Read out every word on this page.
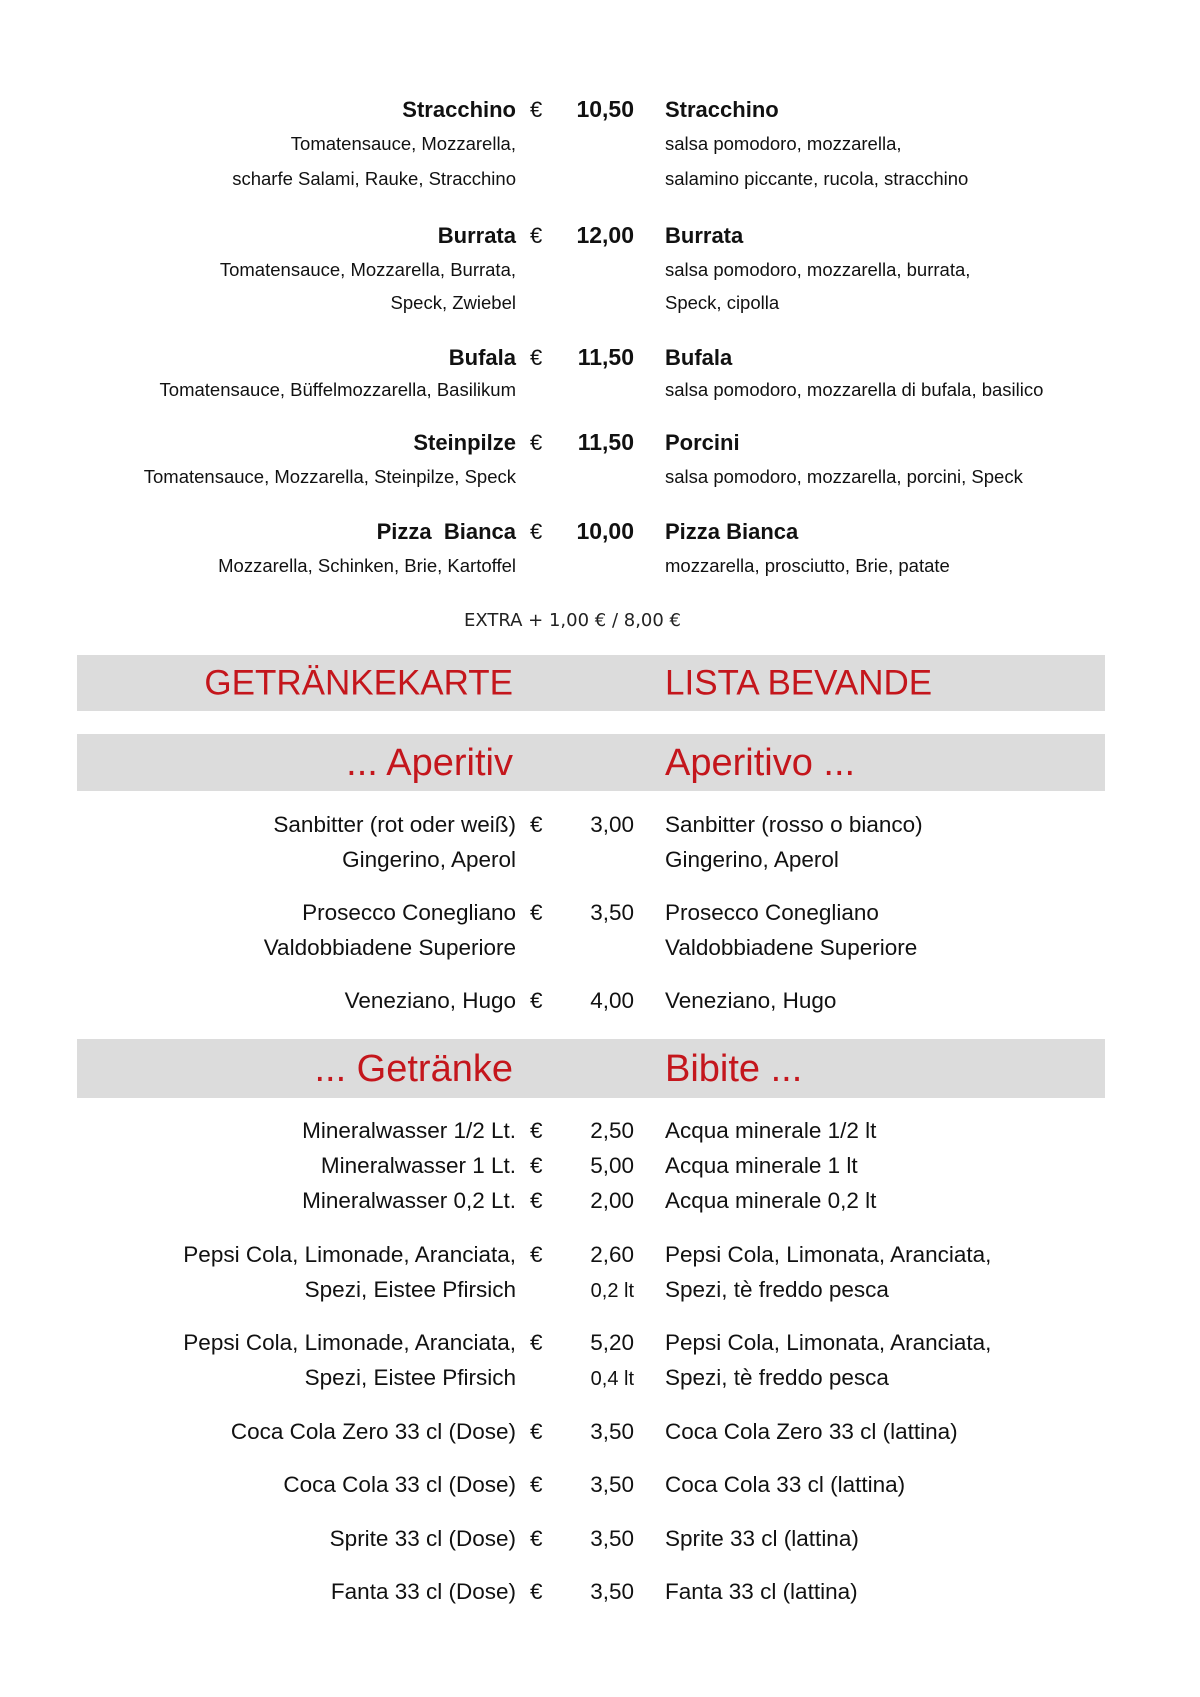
Stracchino € 10,50 Stracchino
Tomatensauce, Mozzarella,	salsa pomodoro, mozzarella,
scharfe Salami, Rauke, Stracchino	salamino piccante, rucola, stracchino
Burrata € 12,00 Burrata
Tomatensauce, Mozzarella, Burrata,	salsa pomodoro, mozzarella, burrata,
Speck, Zwiebel	Speck, cipolla
Bufala € 11,50 Bufala
Tomatensauce, Büffelmozzarella, Basilikum	salsa pomodoro, mozzarella di bufala, basilico
Steinpilze € 11,50 Porcini
Tomatensauce, Mozzarella, Steinpilze, Speck	salsa pomodoro, mozzarella, porcini, Speck
Pizza  Bianca € 10,00 Pizza Bianca
Mozzarella, Schinken, Brie, Kartoffel	mozzarella, prosciutto, Brie, patate
EXTRA + 1,00 € / 8,00 €
GETRÄNKEKARTE	LISTA BEVANDE
... Aperitiv	Aperitivo ...
Sanbitter (rot oder weiß) € 3,00 Sanbitter (rosso o bianco)
Gingerino, Aperol	Gingerino, Aperol
Prosecco Conegliano € 3,50 Prosecco Conegliano
Valdobbiadene Superiore	Valdobbiadene Superiore
Veneziano, Hugo € 4,00 Veneziano, Hugo
... Getränke	Bibite ...
Mineralwasser 1/2 Lt. € 2,50 Acqua minerale 1/2 lt
Mineralwasser 1 Lt. € 5,00 Acqua minerale 1 lt
Mineralwasser 0,2 Lt. € 2,00 Acqua minerale 0,2 lt
Pepsi Cola, Limonade, Aranciata, € 2,60 Pepsi Cola, Limonata, Aranciata,
Spezi, Eistee Pfirsich	0,2 lt Spezi, tè freddo pesca
Pepsi Cola, Limonade, Aranciata, € 5,20 Pepsi Cola, Limonata, Aranciata,
Spezi, Eistee Pfirsich	0,4 lt Spezi, tè freddo pesca
Coca Cola Zero 33 cl (Dose) € 3,50 Coca Cola Zero 33 cl (lattina)
Coca Cola 33 cl (Dose) € 3,50 Coca Cola 33 cl (lattina)
Sprite 33 cl (Dose) € 3,50 Sprite 33 cl (lattina)
Fanta 33 cl (Dose) € 3,50 Fanta 33 cl (lattina)
